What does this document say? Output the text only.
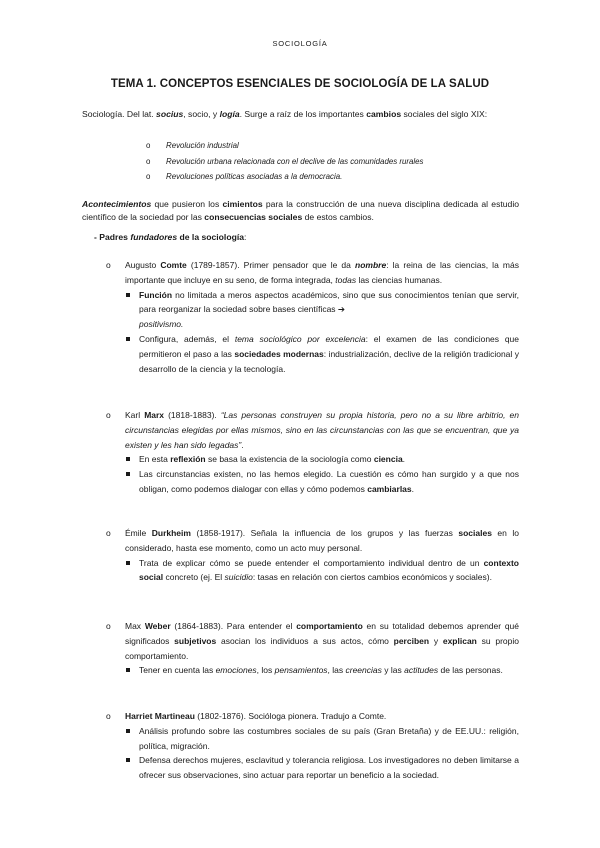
SOCIOLOGÍA
TEMA 1. CONCEPTOS ESENCIALES DE SOCIOLOGÍA DE LA SALUD
Sociología. Del lat. socius, socio, y logía. Surge a raíz de los importantes cambios sociales del siglo XIX:
o Revolución industrial
o Revolución urbana relacionada con el declive de las comunidades rurales
o Revoluciones políticas asociadas a la democracia.
Acontecimientos que pusieron los cimientos para la construcción de una nueva disciplina dedicada al estudio científico de la sociedad por las consecuencias sociales de estos cambios.
- Padres fundadores de la sociología:
o Augusto Comte (1789-1857). Primer pensador que le da nombre: la reina de las ciencias, la más importante que incluye en su seno, de forma integrada, todas las ciencias humanas.
Función no limitada a meros aspectos académicos, sino que sus conocimientos tenían que servir, para reorganizar la sociedad sobre bases científicas ➔
positivismo.
Configura, además, el tema sociológico por excelencia: el examen de las condiciones que permitieron el paso a las sociedades modernas: industrialización, declive de la religión tradicional y desarrollo de la ciencia y la tecnología.
o Karl Marx (1818-1883). “Las personas construyen su propia historia, pero no a su libre arbitrio, en circunstancias elegidas por ellas mismos, sino en las circunstancias con las que se encuentran, que ya existen y les han sido legadas”.
En esta reflexión se basa la existencia de la sociología como ciencia.
Las circunstancias existen, no las hemos elegido. La cuestión es cómo han surgido y a que nos obligan, como podemos dialogar con ellas y cómo podemos cambiarlas.
o Émile Durkheim (1858-1917). Señala la influencia de los grupos y las fuerzas sociales en lo considerado, hasta ese momento, como un acto muy personal.
Trata de explicar cómo se puede entender el comportamiento individual dentro de un contexto social concreto (ej. El suicidio: tasas en relación con ciertos cambios económicos y sociales).
o Max Weber (1864-1883). Para entender el comportamiento en su totalidad debemos aprender qué significados subjetivos asocian los individuos a sus actos, cómo perciben y explican su propio comportamiento.
Tener en cuenta las emociones, los pensamientos, las creencias y las actitudes de las personas.
o Harriet Martineau (1802-1876). Socióloga pionera. Tradujo a Comte.
Análisis profundo sobre las costumbres sociales de su país (Gran Bretaña) y de EE.UU.: religión, política, migración.
Defensa derechos mujeres, esclavitud y tolerancia religiosa. Los investigadores no deben limitarse a ofrecer sus observaciones, sino actuar para reportar un beneficio a la sociedad.
